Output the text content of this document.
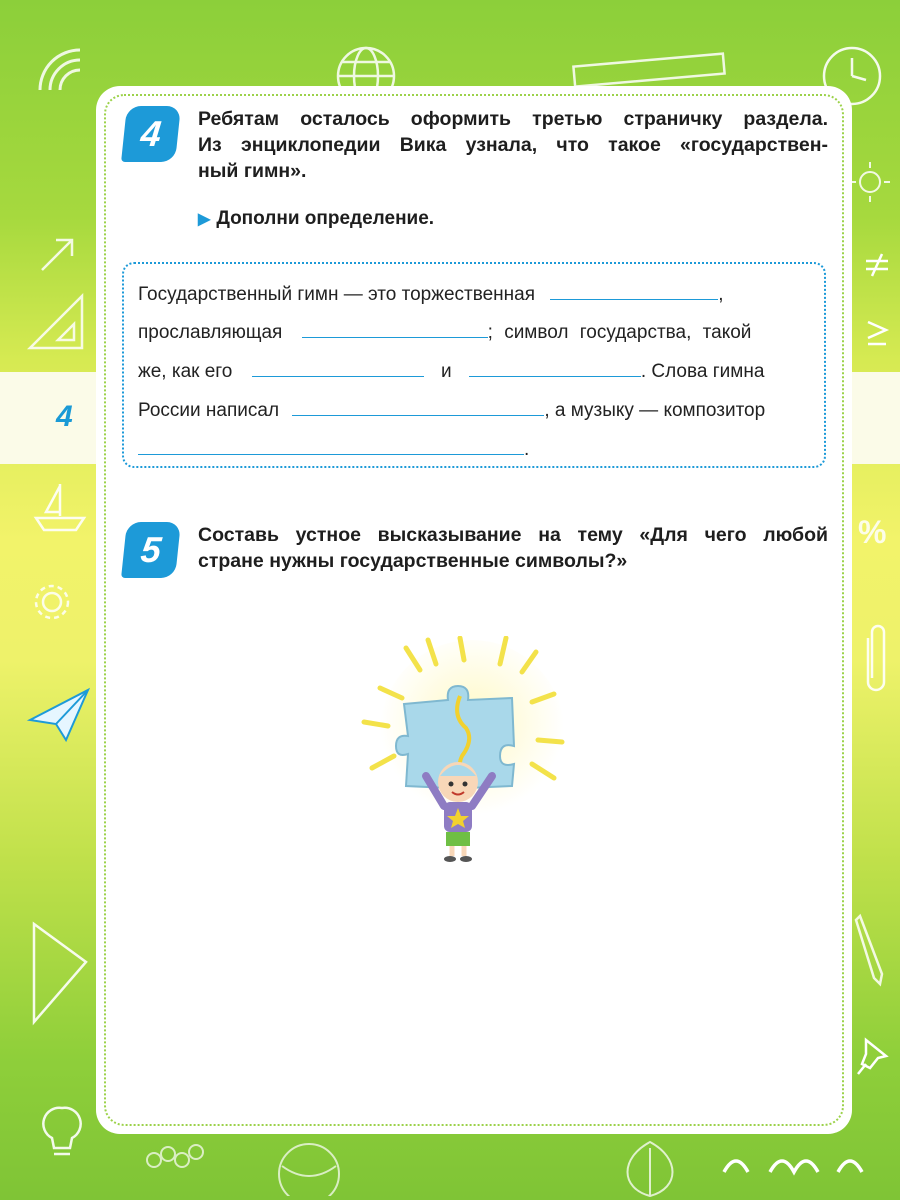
%
4
4	Ребятам осталось оформить третью страничку раздела.
Из энциклопедии Вика узнала, что такое «государствен-
ный гимн».
▶ Дополни определение.
Государственный гимн — это торжественная	,
прославляющая	; символ государства, такой
же, как его	и	. Слова гимна
России написал	, а музыку — композитор
.
5	Составь устное высказывание на тему «Для чего любой
стране нужны государственные символы?»
